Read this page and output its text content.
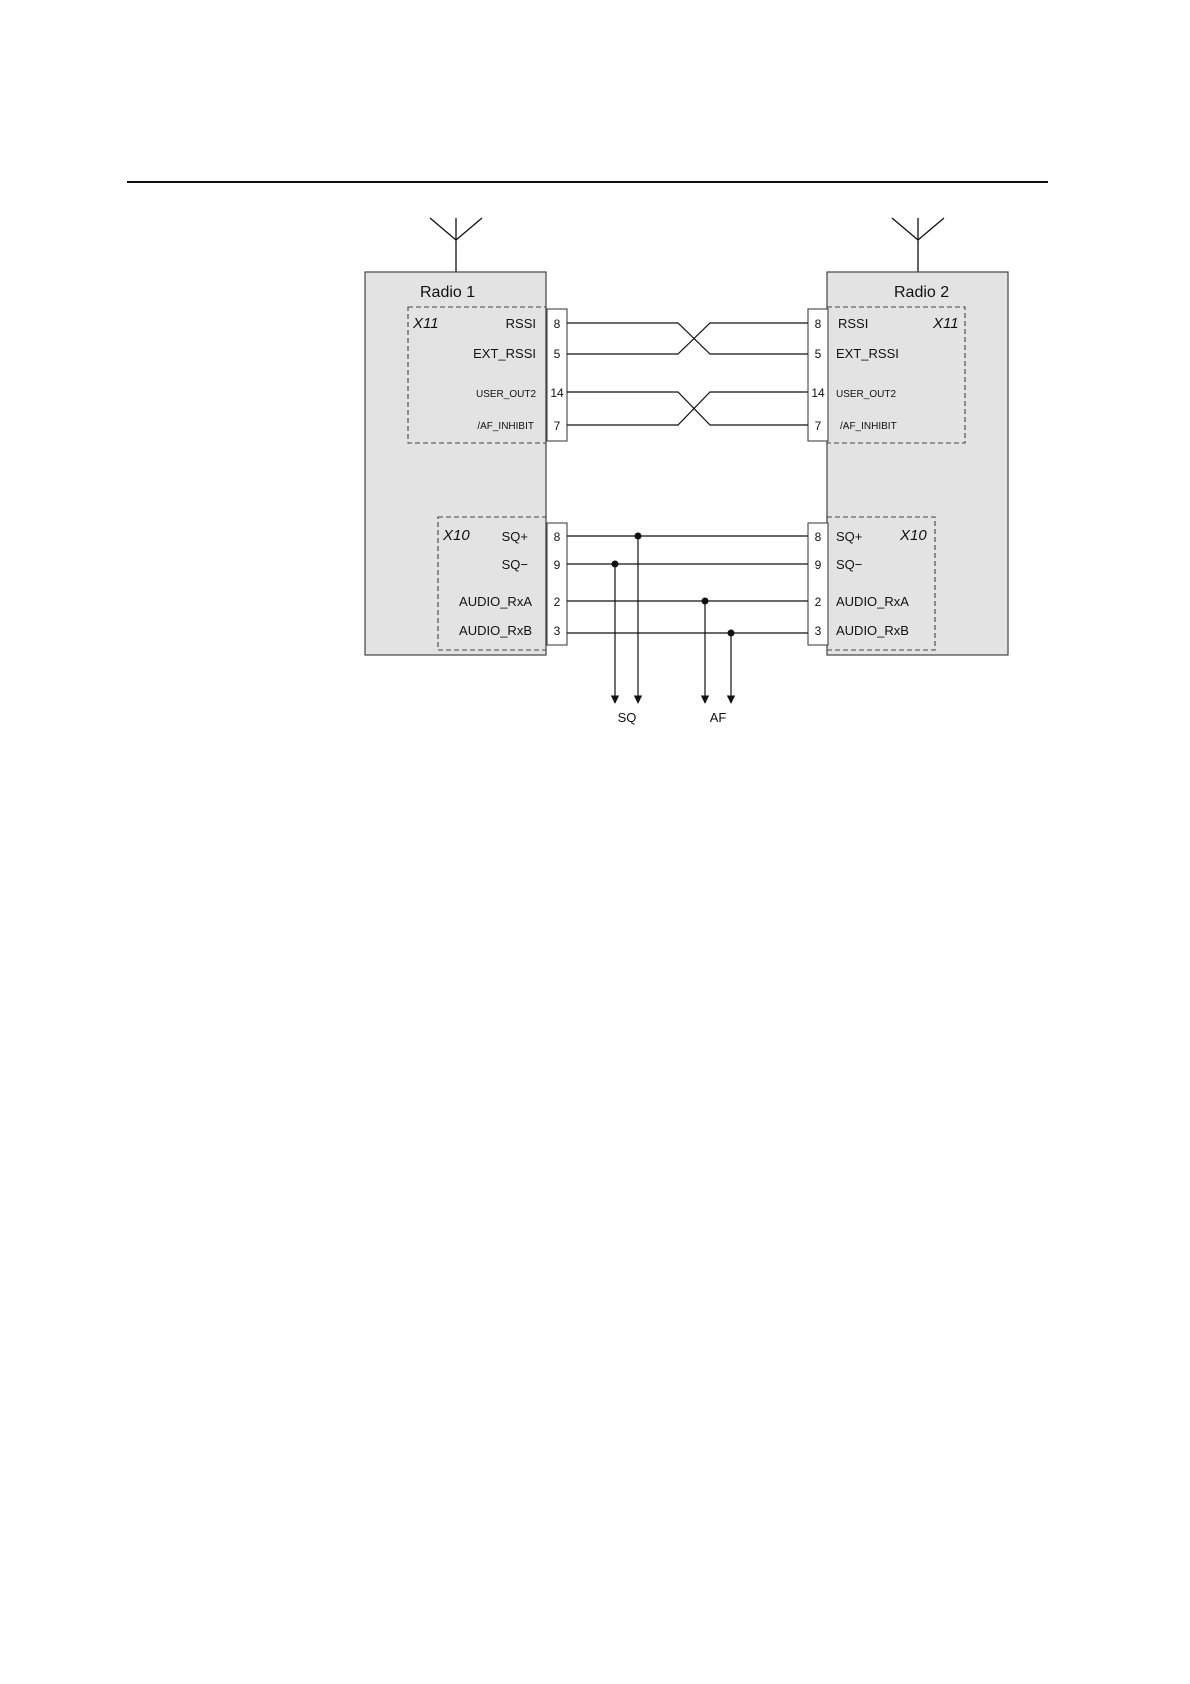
Radio 1	Radio 2
X11	X11
X10	X10
RSSI
EXT_RSSI
USER_OUT2
/AF_INHIBIT
RSSI
EXT_RSSI
USER_OUT2
/AF_INHIBIT
8
5
14
7
8
5
14
7
SQ+
SQ−
AUDIO_RxA
AUDIO_RxB
SQ+
SQ−
AUDIO_RxA
AUDIO_RxB
8
9
2
3
8
9
2
3
SQ	AF
